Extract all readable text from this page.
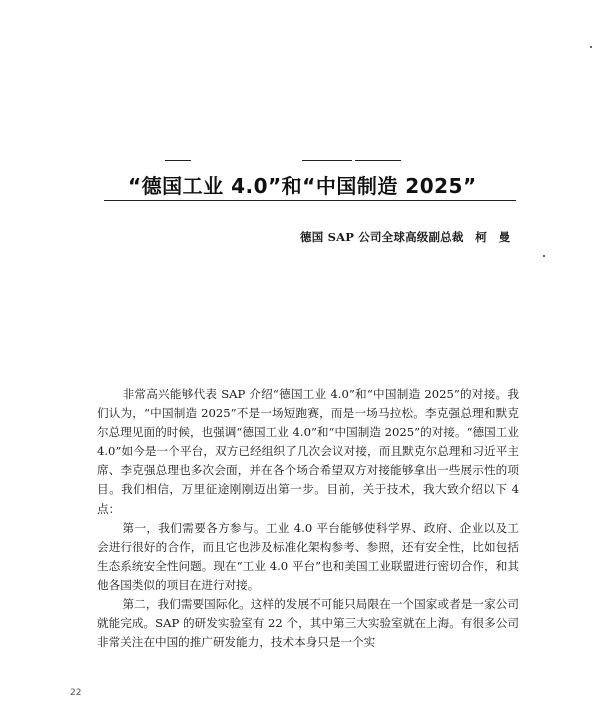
“德国工业 4.0”和“中国制造 2025”
德国 SAP 公司全球高级副总裁　柯　曼

非常高兴能够代表 SAP 介绍“德国工业 4.0”和“中国制造 2025”的对接。我们认为，“中国制造 2025”不是一场短跑赛，而是一场马拉松。李克强总理和默克尔总理见面的时候，也强调“德国工业 4.0”和“中国制造 2025”的对接。“德国工业 4.0”如今是一个平台，双方已经组织了几次会议对接，而且默克尔总理和习近平主席、李克强总理也多次会面，并在各个场合希望双方对接能够拿出一些展示性的项目。我们相信，万里征途刚刚迈出第一步。目前，关于技术，我大致介绍以下 4 点：

第一，我们需要各方参与。工业 4.0 平台能够使科学界、政府、企业以及工会进行很好的合作，而且它也涉及标准化架构参考、参照，还有安全性，比如包括生态系统安全性问题。现在“工业 4.0 平台”也和美国工业联盟进行密切合作，和其他各国类似的项目在进行对接。

第二，我们需要国际化。这样的发展不可能只局限在一个国家或者是一家公司就能完成。SAP 的研发实验室有 22 个，其中第三大实验室就在上海。有很多公司非常关注在中国的推广研发能力，技术本身只是一个实

22
